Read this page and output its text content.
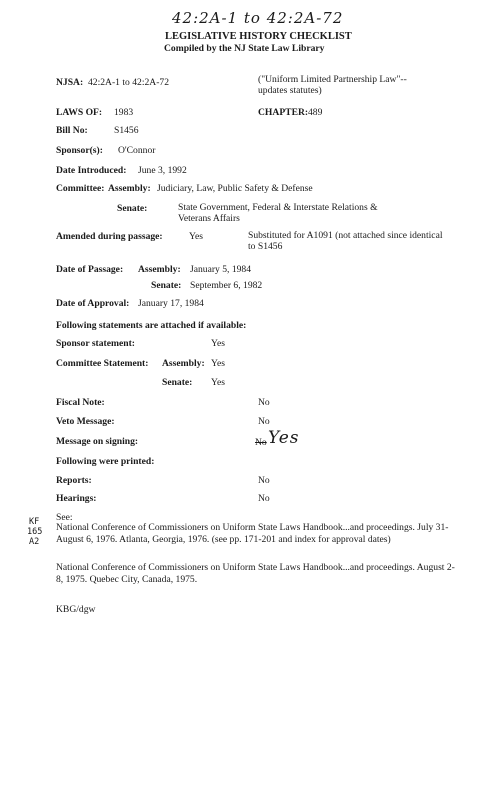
42:2A-1 to 42:2A-72
LEGISLATIVE HISTORY CHECKLIST
Compiled by the NJ State Law Library
NJSA: 42:2A-1 to 42:2A-72	("Uniform Limited Partnership Law"--updates statutes)
LAWS OF: 1983	CHAPTER: 489
Bill No:	S1456
Sponsor(s): O'Connor
Date Introduced: June 3, 1992
Committee: Assembly: Judiciary, Law, Public Safety & Defense
Senate:	State Government, Federal & Interstate Relations & Veterans Affairs
Amended during passage:	Yes	Substituted for A1091 (not attached since identical to S1456
Date of Passage: Assembly: January 5, 1984
Senate: September 6, 1982
Date of Approval: January 17, 1984
Following statements are attached if available:
Sponsor statement:	Yes
Committee Statement: Assembly: Yes
Senate: Yes
Fiscal Note:	No
Veto Message:	No
Message on signing:	No Yes
Following were printed:
Reports:	No
Hearings:	No
KF
165
A2
See:
National Conference of Commissioners on Uniform State Laws Handbook...and proceedings. July 31-August 6, 1976. Atlanta, Georgia, 1976. (see pp. 171-201 and index for approval dates)
National Conference of Commissioners on Uniform State Laws Handbook...and proceedings. August 2-8, 1975. Quebec City, Canada, 1975.
KBG/dgw
